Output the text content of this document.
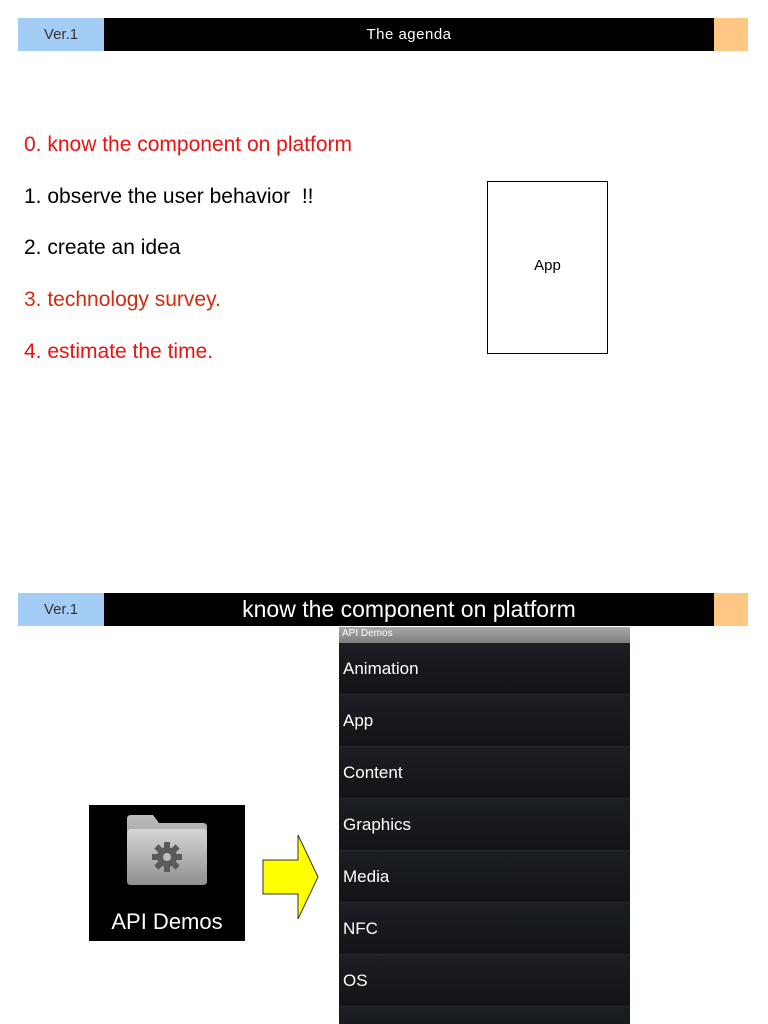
Ver.1	The agenda
0. know the component on platform
1. observe the user behavior  !!
2. create an idea
3. technology survey.
4. estimate the time.
App
Ver.1	know the component on platform
API Demos
API Demos
Animation
App
Content
Graphics
Media
NFC
OS
